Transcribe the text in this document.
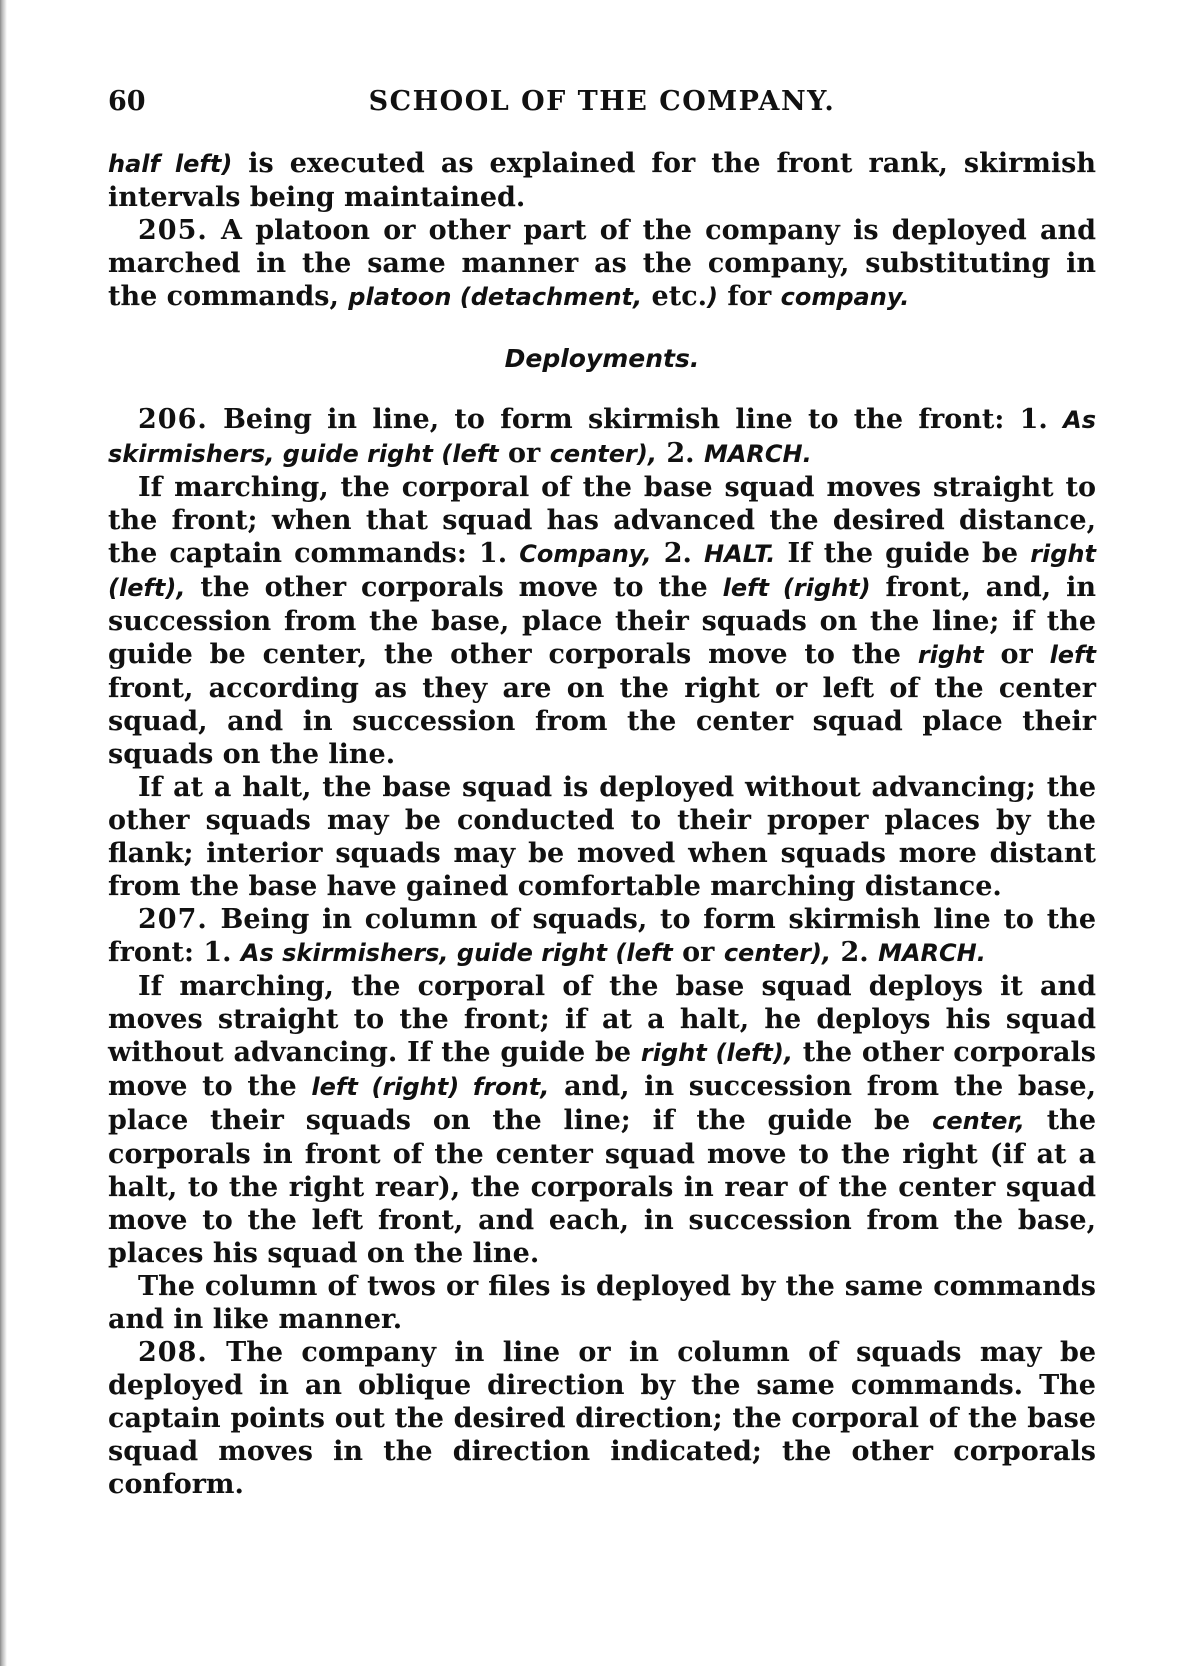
60	SCHOOL OF THE COMPANY.

half left) is executed as explained for the front rank, skirmish intervals being maintained.

205. A platoon or other part of the company is deployed and marched in the same manner as the company, substituting in the commands, platoon (detachment, etc.) for company.

Deployments.

206. Being in line, to form skirmish line to the front: 1. As skirmishers, guide right (left or center), 2. MARCH.

If marching, the corporal of the base squad moves straight to the front; when that squad has advanced the desired distance, the captain commands: 1. Company, 2. HALT. If the guide be right (left), the other corporals move to the left (right) front, and, in succession from the base, place their squads on the line; if the guide be center, the other corporals move to the right or left front, according as they are on the right or left of the center squad, and in succession from the center squad place their squads on the line.

If at a halt, the base squad is deployed without advancing; the other squads may be conducted to their proper places by the flank; interior squads may be moved when squads more distant from the base have gained comfortable marching distance.

207. Being in column of squads, to form skirmish line to the front: 1. As skirmishers, guide right (left or center), 2. MARCH.

If marching, the corporal of the base squad deploys it and moves straight to the front; if at a halt, he deploys his squad without advancing. If the guide be right (left), the other corporals move to the left (right) front, and, in succession from the base, place their squads on the line; if the guide be center, the corporals in front of the center squad move to the right (if at a halt, to the right rear), the corporals in rear of the center squad move to the left front, and each, in succession from the base, places his squad on the line.

The column of twos or files is deployed by the same commands and in like manner.

208. The company in line or in column of squads may be deployed in an oblique direction by the same commands. The captain points out the desired direction; the corporal of the base squad moves in the direction indicated; the other corporals conform.
